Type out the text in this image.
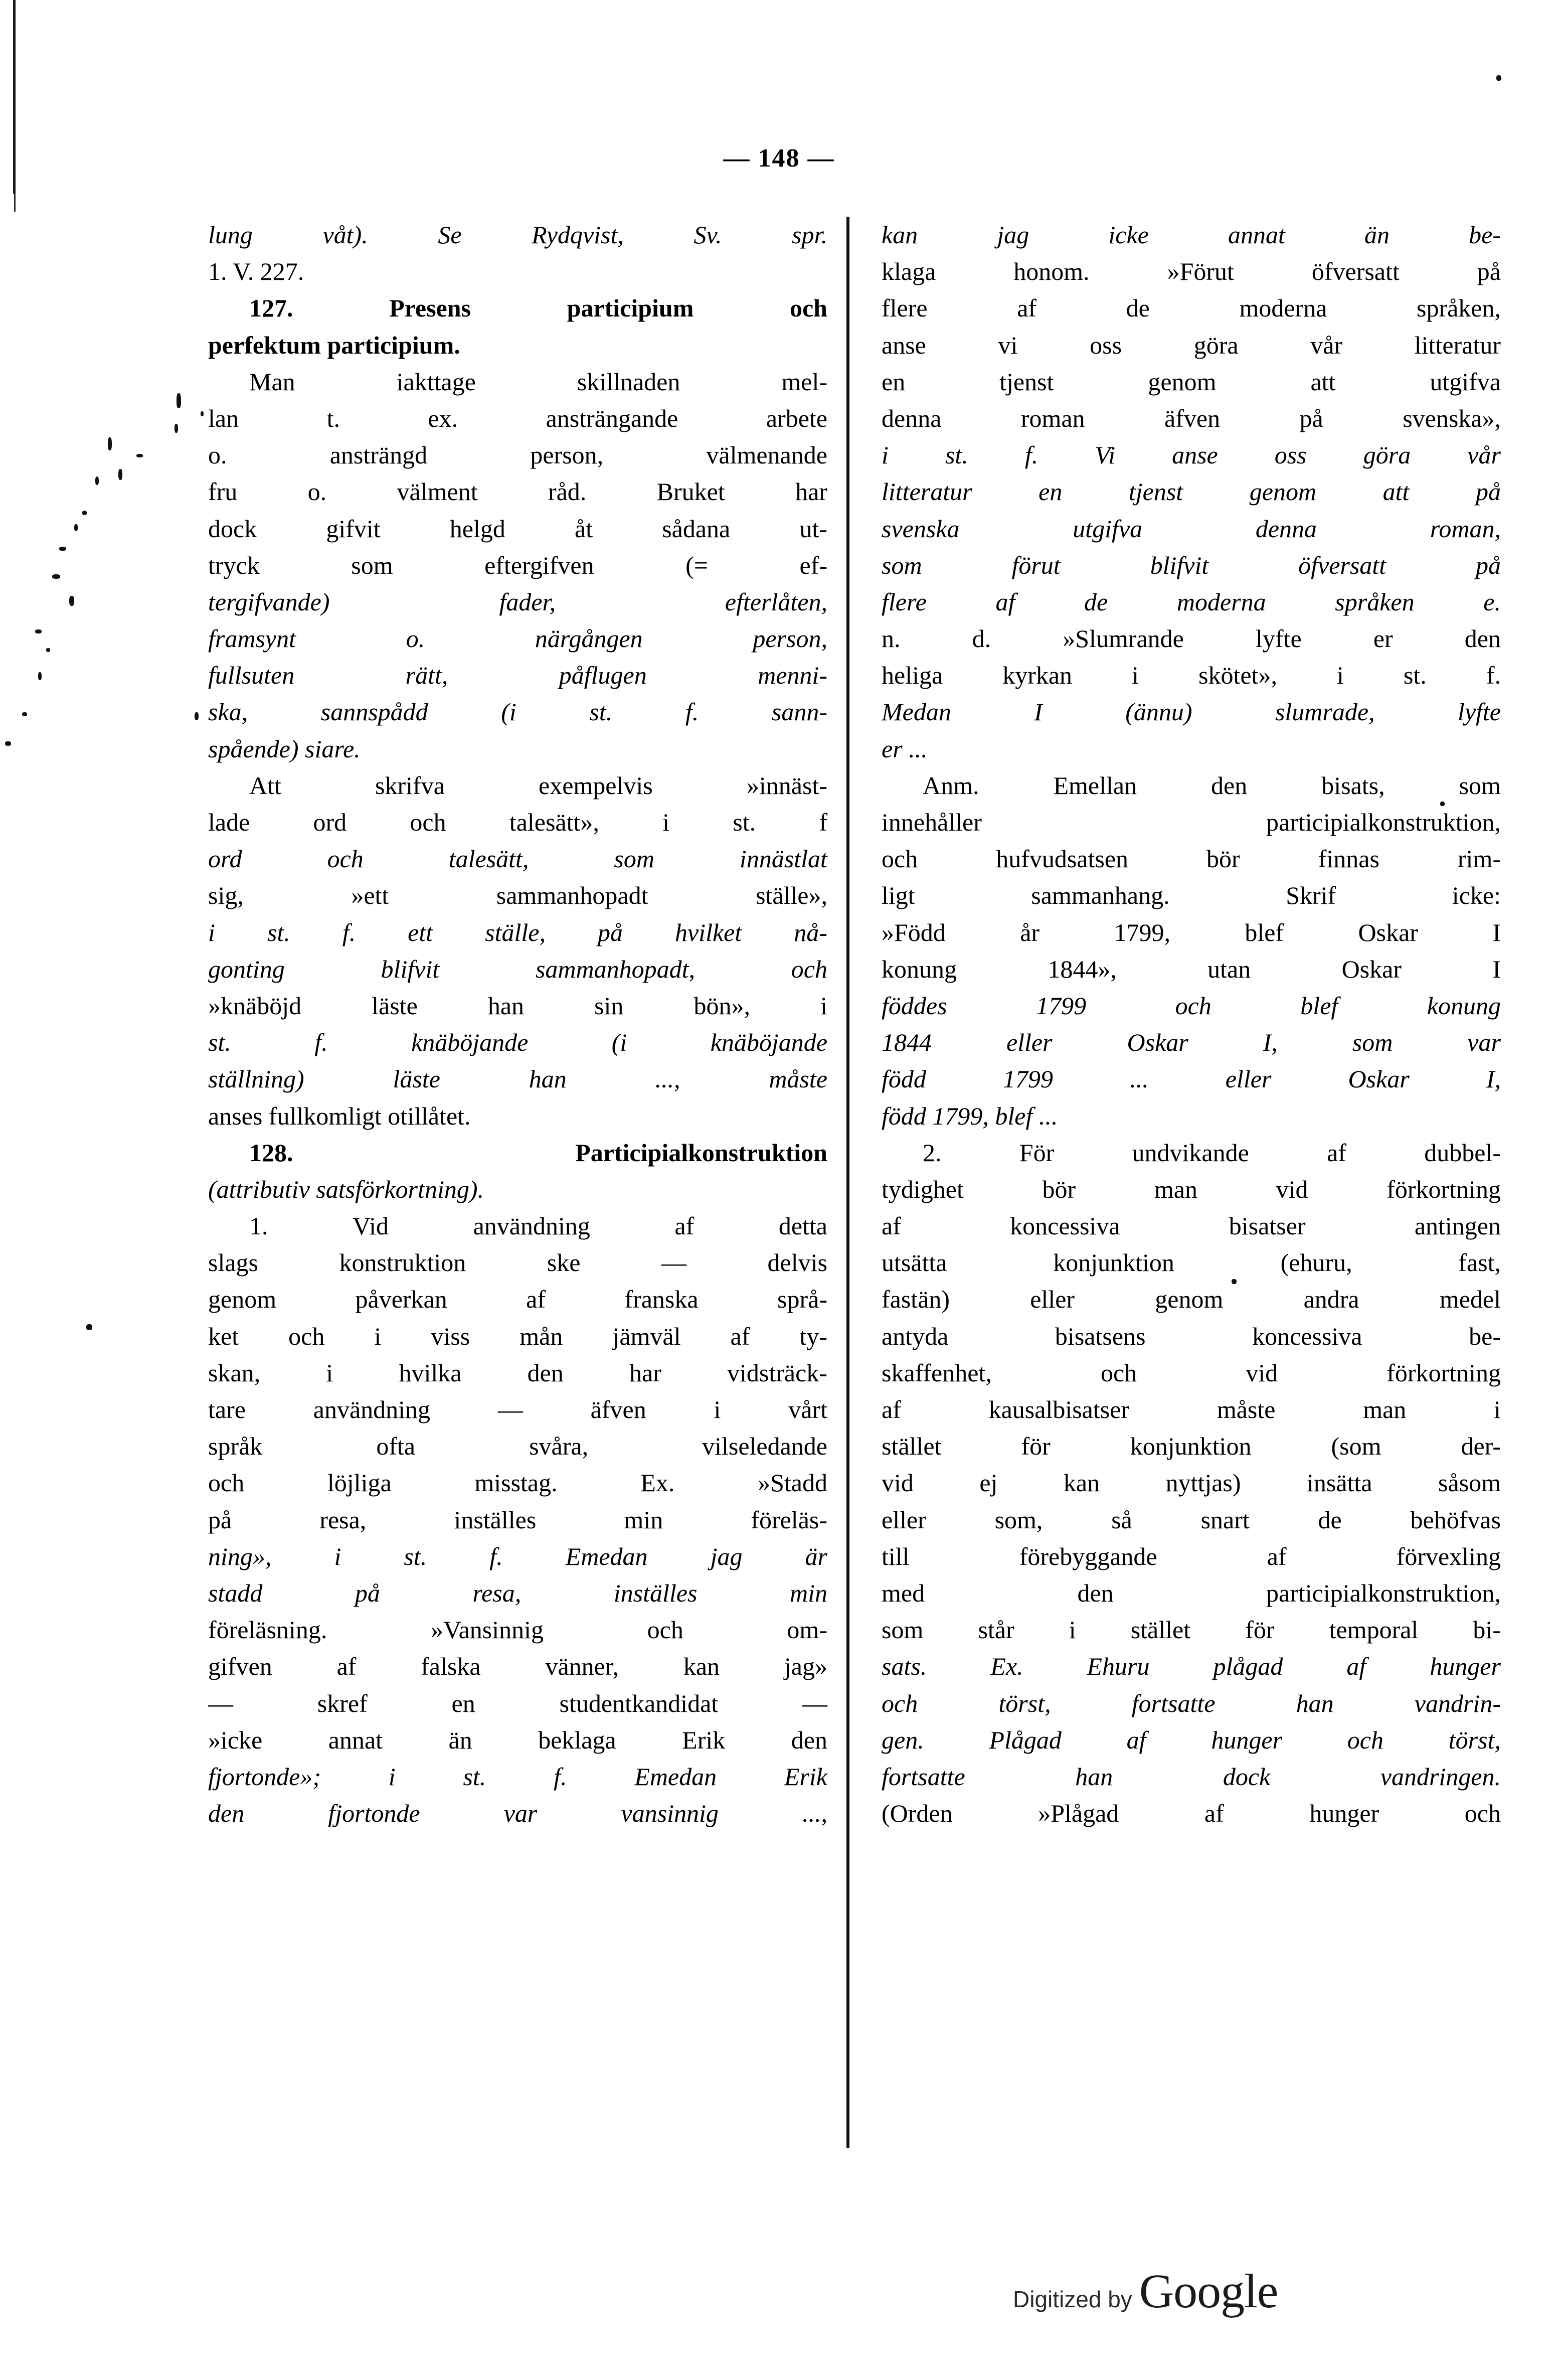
— 148 —
lung	våt).	Se	Rydqvist,	Sv.	spr.
1. V. 227.
127.	Presens	participium	och
perfektum participium.
Man	iakttage	skillnaden	mel-
lan	t.	ex.	ansträngande	arbete
o.	ansträngd	person,	välmenande
fru	o.	välment	råd.	Bruket	har
dock	gifvit	helgd	åt	sådana	ut-
tryck	som	eftergifven	(=	ef-
tergifvande)	fader,	efterlåten,
framsynt	o.	närgången	person,
fullsuten	rätt,	påflugen	menni-
ska,	sannspådd	(i	st.	f.	sann-
spående) siare.
Att	skrifva	exempelvis	»innäst-
lade	ord	och	talesätt»,	i	st.	f
ord	och	talesätt,	som	innästlat
sig,	»ett	sammanhopadt	ställe»,
i st. f. ett ställe, på hvilket nå-
gonting	blifvit	sammanhopadt,	och
»knäböjd	läste	han	sin	bön»,	i
st.	f.	knäböjande	(i	knäböjande
ställning)	läste	han	...,	måste
anses fullkomligt otillåtet.
128.	Participialkonstruktion
(attributiv satsförkortning).
1.	Vid	användning	af	detta
slags	konstruktion	ske	—	delvis
genom	påverkan	af	franska	språ-
ket och i viss mån jämväl af ty-
skan,	i	hvilka	den	har	vidsträck-
tare	användning	—	äfven	i	vårt
språk	ofta	svåra,	vilseledande
och	löjliga	misstag.	Ex.	»Stadd
på	resa,	inställes	min	föreläs-
ning»,	i	st.	f.	Emedan	jag	är
stadd	på	resa,	inställes	min
föreläsning.	»Vansinnig	och	om-
gifven	af	falska	vänner,	kan	jag»
—	skref	en	studentkandidat	—
»icke	annat	än	beklaga	Erik	den
fjortonde»;	i	st.	f.	Emedan	Erik
den	fjortonde	var	vansinnig	...,
kan	jag	icke	annat	än	be-
klaga	honom.	»Förut	öfversatt	på
flere	af	de	moderna	språken,
anse	vi	oss	göra	vår	litteratur
en	tjenst	genom	att	utgifva
denna	roman	äfven	på	svenska»,
i st. f. Vi anse oss göra vår
litteratur	en	tjenst	genom	att	på
svenska	utgifva	denna	roman,
som	förut	blifvit	öfversatt	på
flere	af	de	moderna	språken	e.
n.	d.	»Slumrande	lyfte	er	den
heliga kyrkan i skötet», i st. f.
Medan	I	(ännu)	slumrade,	lyfte
er ...
Anm.	Emellan	den	bisats,	som
innehåller	participialkonstruktion,
och	hufvudsatsen	bör	finnas	rim-
ligt	sammanhang.	Skrif	icke:
»Född	år	1799,	blef	Oskar	I
konung	1844»,	utan	Oskar	I
föddes	1799	och	blef	konung
1844	eller	Oskar	I,	som	var
född	1799	...	eller	Oskar	I,
född 1799, blef ...
2.	För	undvikande	af	dubbel-
tydighet	bör	man	vid	förkortning
af	koncessiva	bisatser	antingen
utsätta	konjunktion	(ehuru,	fast,
fastän)	eller	genom	andra	medel
antyda	bisatsens	koncessiva	be-
skaffenhet,	och	vid	förkortning
af	kausalbisatser	måste	man	i
stället	för	konjunktion	(som	der-
vid	ej	kan	nyttjas)	insätta	såsom
eller	som,	så	snart	de	behöfvas
till	förebyggande	af	förvexling
med	den	participialkonstruktion,
som står i stället för temporal bi-
sats.	Ex.	Ehuru	plågad	af	hunger
och	törst,	fortsatte	han	vandrin-
gen.	Plågad	af	hunger	och	törst,
fortsatte	han	dock	vandringen.
(Orden	»Plågad	af	hunger	och
Digitized by Google
